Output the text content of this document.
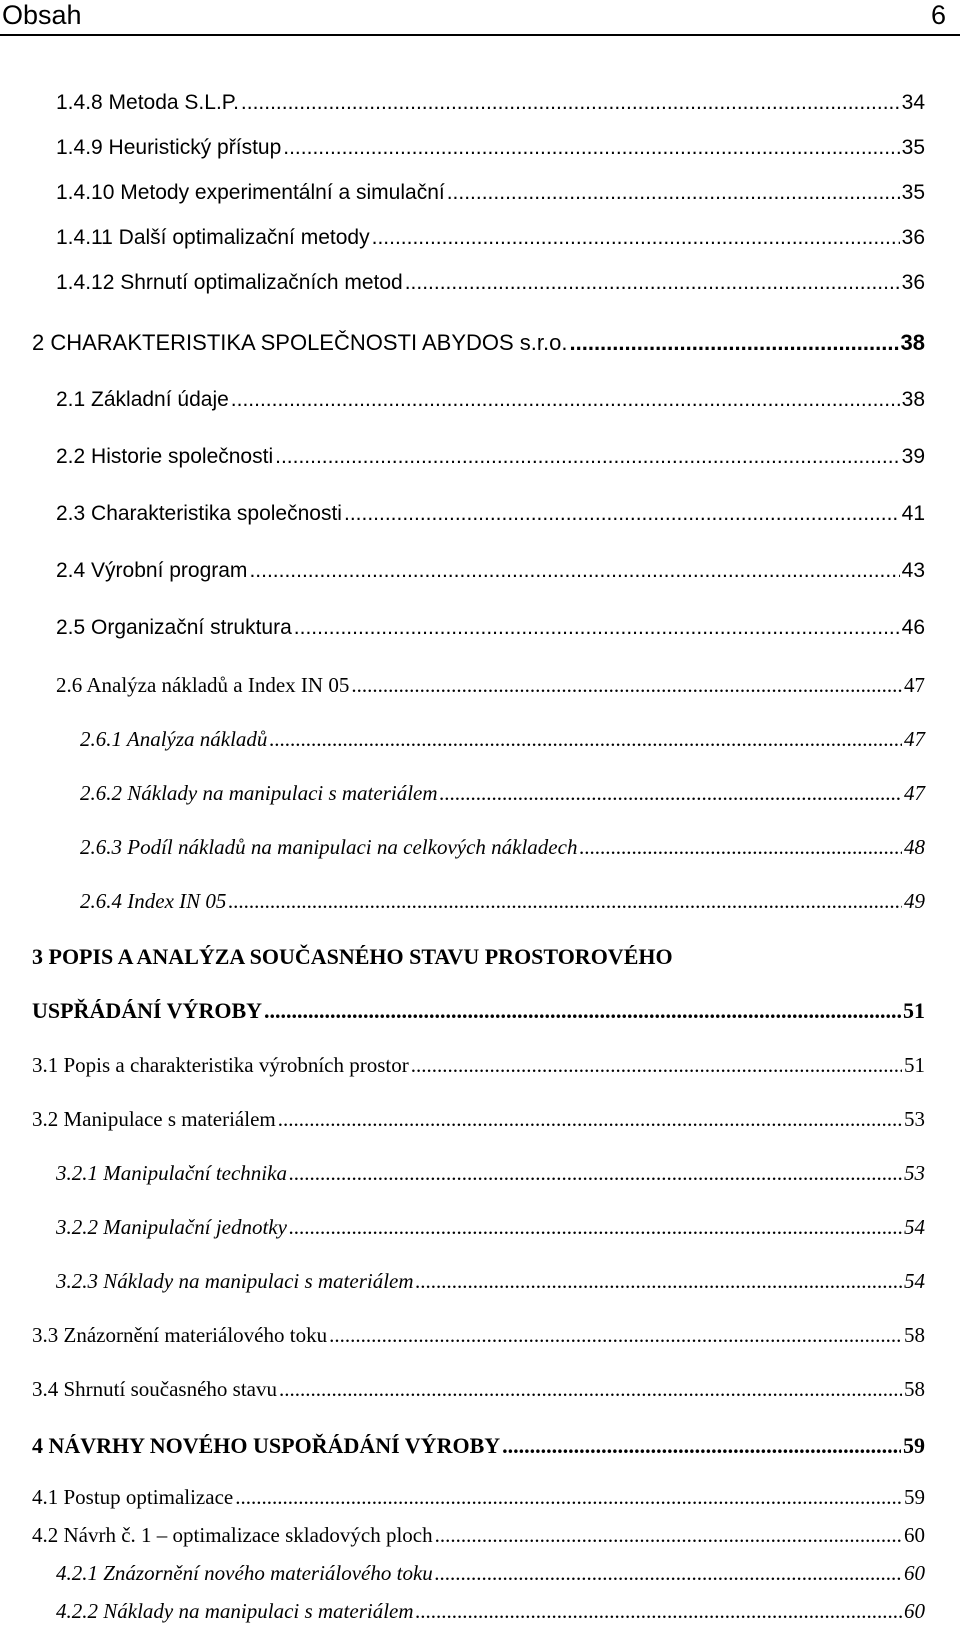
Obsah	6
1.4.8 Metoda S.L.P. .....	34
1.4.9 Heuristický přístup .....	35
1.4.10 Metody experimentální a simulační .....	35
1.4.11 Další optimalizační metody .....	36
1.4.12 Shrnutí optimalizačních metod .....	36
2 CHARAKTERISTIKA SPOLEČNOSTI ABYDOS s.r.o. .....	38
2.1 Základní údaje .....	38
2.2 Historie společnosti .....	39
2.3 Charakteristika společnosti .....	41
2.4 Výrobní program .....	43
2.5 Organizační struktura .....	46
2.6 Analýza nákladů a Index IN 05 .....	47
2.6.1 Analýza nákladů .....	47
2.6.2 Náklady na manipulaci s materiálem .....	47
2.6.3 Podíl nákladů na manipulaci na celkových nákladech .....	48
2.6.4 Index IN 05 .....	49
3 POPIS A ANALÝZA SOUČASNÉHO STAVU PROSTOROVÉHO
USPŘÁDÁNÍ VÝROBY .....	51
3.1 Popis a charakteristika výrobních prostor .....	51
3.2 Manipulace s materiálem .....	53
3.2.1 Manipulační technika .....	53
3.2.2 Manipulační jednotky .....	54
3.2.3 Náklady na manipulaci s materiálem .....	54
3.3 Znázornění materiálového toku .....	58
3.4 Shrnutí současného stavu .....	58
4 NÁVRHY NOVÉHO USPOŘÁDÁNÍ VÝROBY .....	59
4.1 Postup optimalizace .....	59
4.2 Návrh č. 1 – optimalizace skladových ploch .....	60
4.2.1 Znázornění nového materiálového toku .....	60
4.2.2 Náklady na manipulaci s materiálem .....	60
